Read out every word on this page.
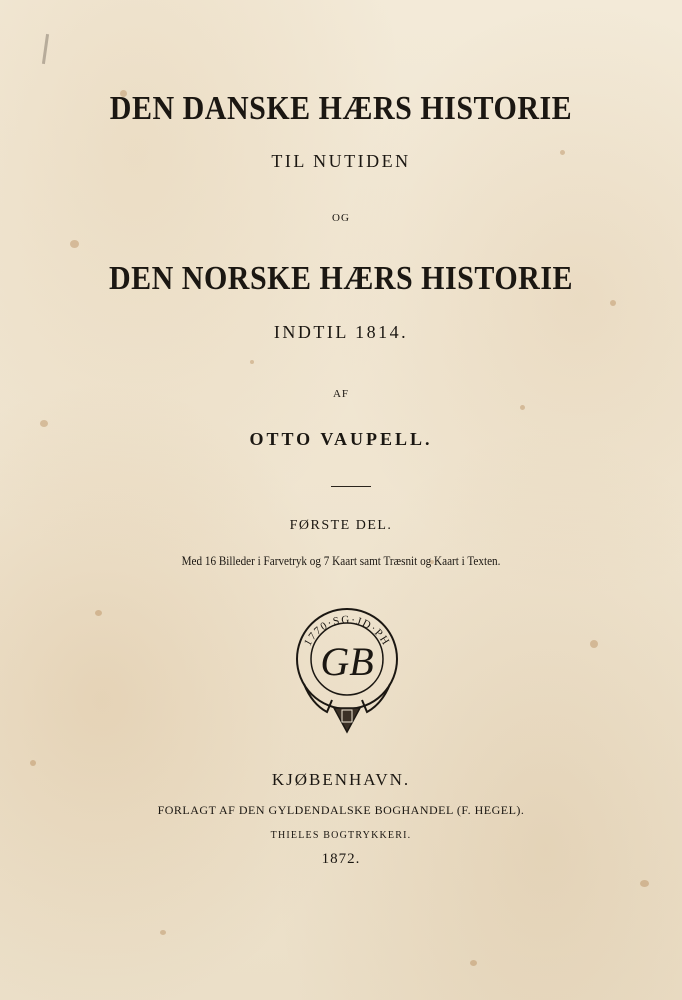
DEN DANSKE HÆRS HISTORIE
TIL NUTIDEN
OG
DEN NORSKE HÆRS HISTORIE
INDTIL 1814.
AF
OTTO VAUPELL.
FØRSTE DEL.
Med 16 Billeder i Farvetryk og 7 Kaart samt Træsnit og Kaart i Texten.
1770·SG·JD·PH
GB
KJØBENHAVN.
FORLAGT AF DEN GYLDENDALSKE BOGHANDEL (F. HEGEL).
THIELES BOGTRYKKERI.
1872.
